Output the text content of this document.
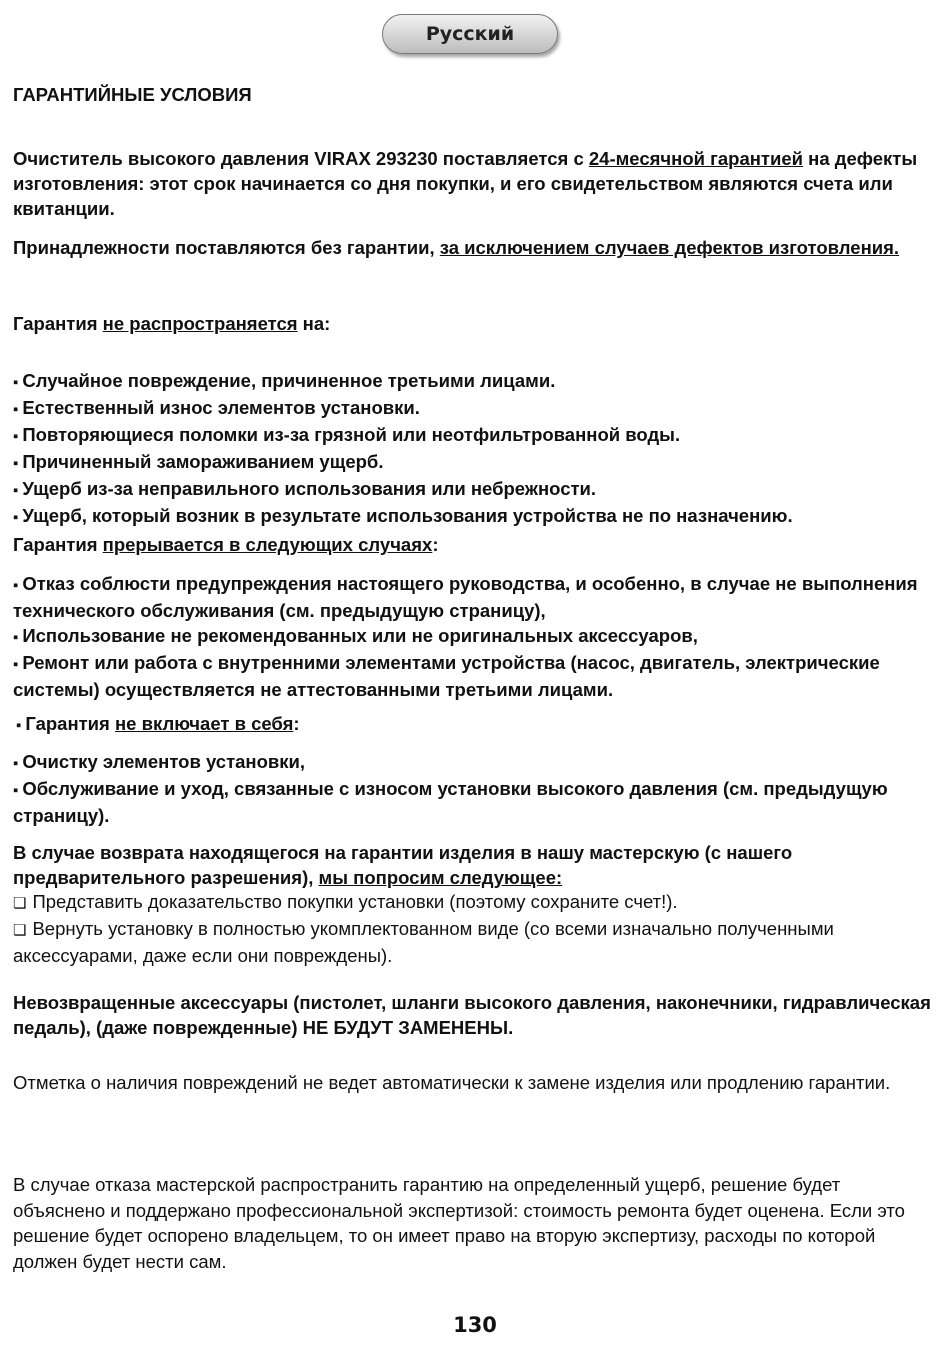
Русский
ГАРАНТИЙНЫЕ УСЛОВИЯ

Очиститель высокого давления VIRAX 293230 поставляется с 24-месячной гарантией на дефекты изготовления: этот срок начинается со дня покупки, и его свидетельством являются счета или квитанции.

Принадлежности поставляются без гарантии, за исключением случаев дефектов изготовления.

Гарантия не распространяется на:

▪ Случайное повреждение, причиненное третьими лицами.
▪ Естественный износ элементов установки.
▪ Повторяющиеся поломки из-за грязной или неотфильтрованной воды.
▪ Причиненный замораживанием ущерб.
▪ Ущерб из-за неправильного использования или небрежности.
▪ Ущерб, который возник в результате использования устройства не по назначению.

Гарантия прерывается в следующих случаях:

▪ Отказ соблюсти предупреждения настоящего руководства, и особенно, в случае не выполнения технического обслуживания (см. предыдущую страницу),
▪ Использование не рекомендованных или не оригинальных аксессуаров,
▪ Ремонт или работа с внутренними элементами устройства (насос, двигатель, электрические системы) осуществляется не аттестованными третьими лицами.

▪ Гарантия не включает в себя:

▪ Очистку элементов установки,
▪ Обслуживание и уход, связанные с износом установки высокого давления (см. предыдущую страницу).

В случае возврата находящегося на гарантии изделия в нашу мастерскую (с нашего предварительного разрешения), мы попросим следующее:

❏ Представить доказательство покупки установки (поэтому сохраните счет!).
❏ Вернуть установку в полностью укомплектованном виде (со всеми изначально полученными аксессуарами, даже если они повреждены).

Невозвращенные аксессуары (пистолет, шланги высокого давления, наконечники, гидравлическая педаль), (даже поврежденные) НЕ БУДУТ ЗАМЕНЕНЫ.

Отметка о наличия повреждений не ведет автоматически к замене изделия или продлению гарантии.

В случае отказа мастерской распространить гарантию на определенный ущерб, решение будет объяснено и поддержано профессиональной экспертизой: стоимость ремонта будет оценена. Если это решение будет оспорено владельцем, то он имеет право на вторую экспертизу, расходы по которой должен будет нести сам.

130
